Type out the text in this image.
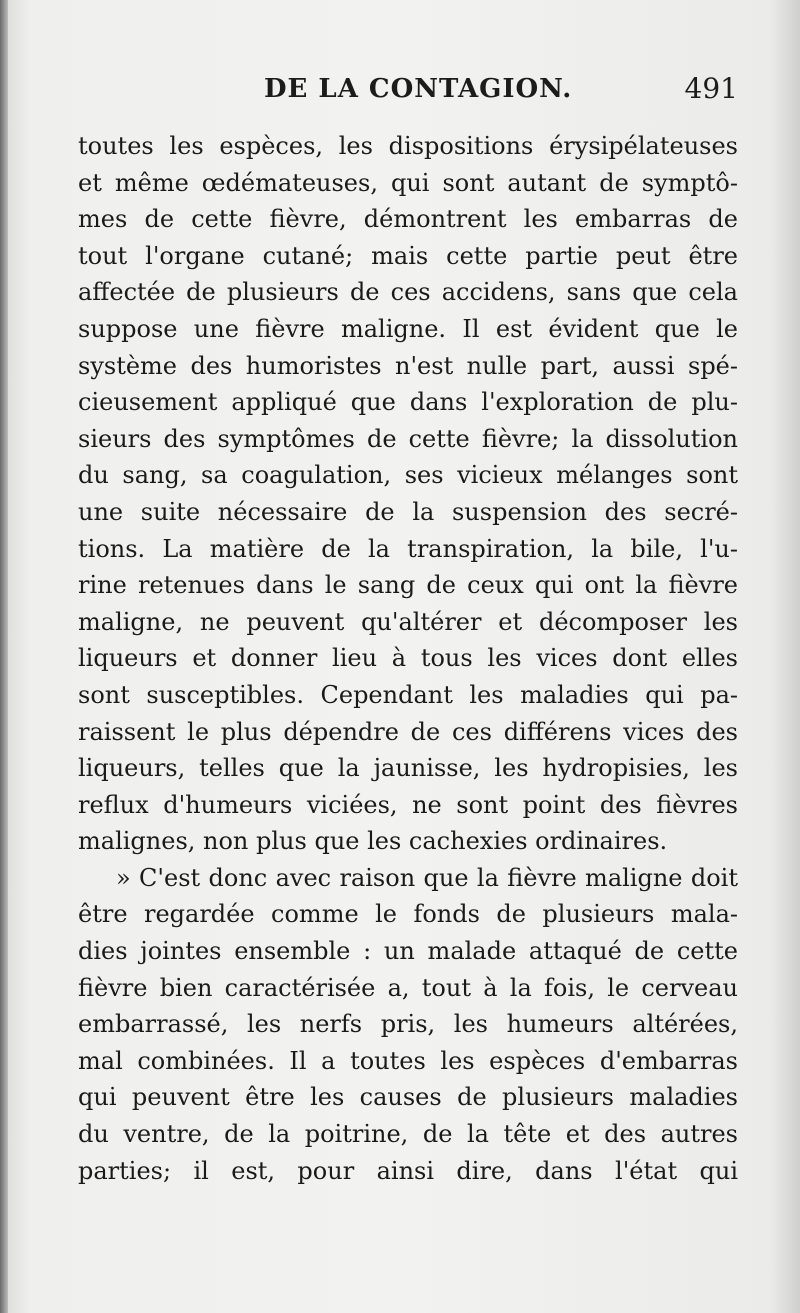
DE LA CONTAGION.	491
toutes les espèces, les dispositions érysipélateuses
et même œdémateuses, qui sont autant de symptô-
mes de cette fièvre, démontrent les embarras de
tout l'organe cutané; mais cette partie peut être
affectée de plusieurs de ces accidens, sans que cela
suppose une fièvre maligne. Il est évident que le
système des humoristes n'est nulle part, aussi spé-
cieusement appliqué que dans l'exploration de plu-
sieurs des symptômes de cette fièvre; la dissolution
du sang, sa coagulation, ses vicieux mélanges sont
une suite nécessaire de la suspension des secré-
tions. La matière de la transpiration, la bile, l'u-
rine retenues dans le sang de ceux qui ont la fièvre
maligne, ne peuvent qu'altérer et décomposer les
liqueurs et donner lieu à tous les vices dont elles
sont susceptibles. Cependant les maladies qui pa-
raissent le plus dépendre de ces différens vices des
liqueurs, telles que la jaunisse, les hydropisies, les
reflux d'humeurs viciées, ne sont point des fièvres
malignes, non plus que les cachexies ordinaires.
» C'est donc avec raison que la fièvre maligne doit
être regardée comme le fonds de plusieurs mala-
dies jointes ensemble : un malade attaqué de cette
fièvre bien caractérisée a, tout à la fois, le cerveau
embarrassé, les nerfs pris, les humeurs altérées,
mal combinées. Il a toutes les espèces d'embarras
qui peuvent être les causes de plusieurs maladies
du ventre, de la poitrine, de la tête et des autres
parties; il est, pour ainsi dire, dans l'état qui
